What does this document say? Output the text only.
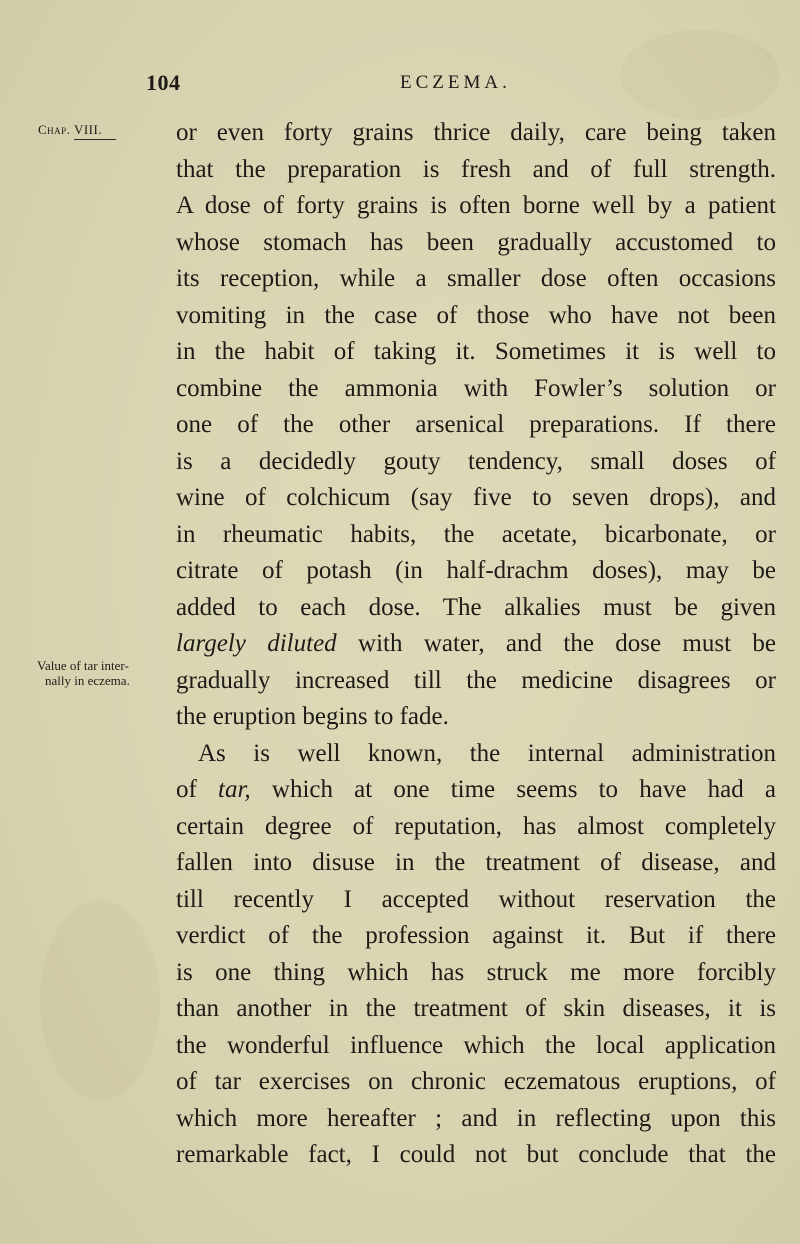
104	ECZEMA.
Chap. VIII.
Value of tar inter-
nally in eczema.
or even forty grains thrice daily, care being taken
that the preparation is fresh and of full strength.
A dose of forty grains is often borne well by a patient
whose stomach has been gradually accustomed to
its reception, while a smaller dose often occasions
vomiting in the case of those who have not been
in the habit of taking it. Sometimes it is well to
combine the ammonia with Fowler’s solution or
one of the other arsenical preparations. If there
is a decidedly gouty tendency, small doses of
wine of colchicum (say five to seven drops), and
in rheumatic habits, the acetate, bicarbonate, or
citrate of potash (in half-drachm doses), may be
added to each dose. The alkalies must be given
largely diluted with water, and the dose must be
gradually increased till the medicine disagrees or
the eruption begins to fade.
As is well known, the internal administration
of tar, which at one time seems to have had a
certain degree of reputation, has almost completely
fallen into disuse in the treatment of disease, and
till recently I accepted without reservation the
verdict of the profession against it. But if there
is one thing which has struck me more forcibly
than another in the treatment of skin diseases, it is
the wonderful influence which the local application
of tar exercises on chronic eczematous eruptions, of
which more hereafter ; and in reflecting upon this
remarkable fact, I could not but conclude that the
